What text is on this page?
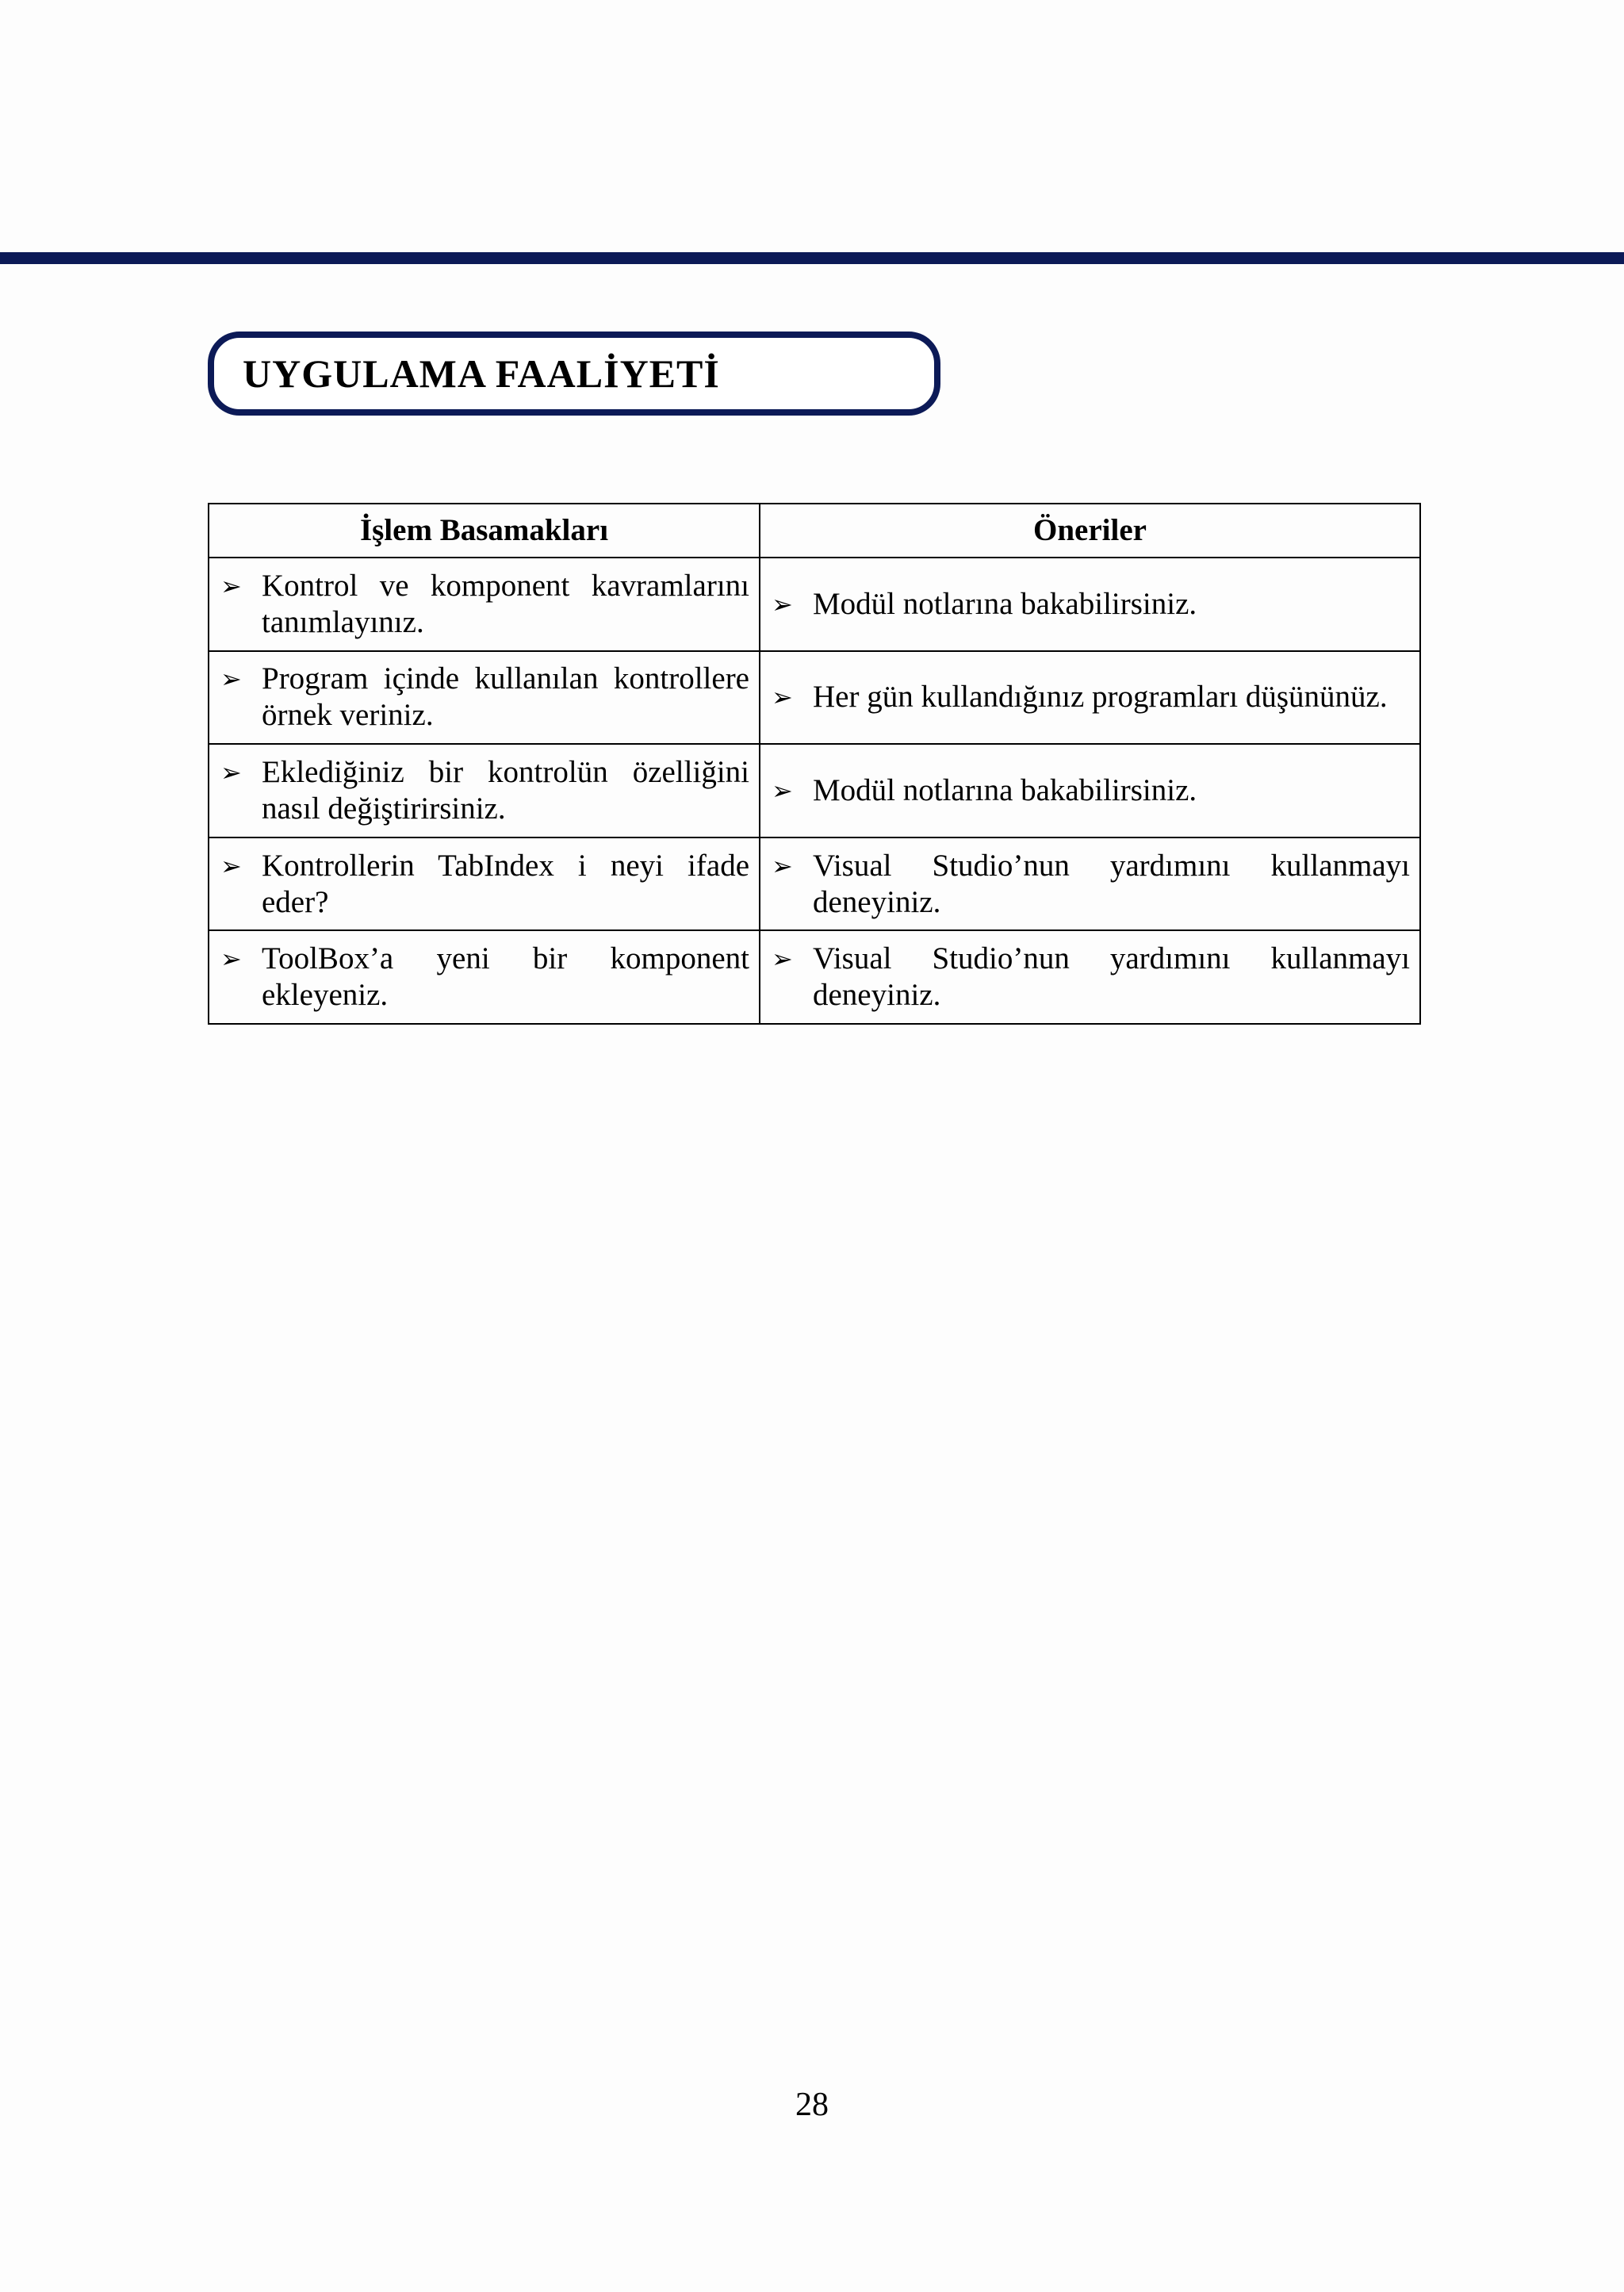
UYGULAMA FAALİYETİ
İşlem Basamakları	Öneriler

➢ Kontrol ve komponent kavramlarını tanımlayınız.	➢ Modül notlarına bakabilirsiniz.

➢ Program içinde kullanılan kontrollere örnek veriniz.	➢ Her gün kullandığınız programları düşününüz.

➢ Eklediğiniz bir kontrolün özelliğini nasıl değiştirirsiniz.	➢ Modül notlarına bakabilirsiniz.

➢ Kontrollerin TabIndex i neyi ifade eder?	➢ Visual Studio’nun yardımını kullanmayı deneyiniz.

➢ ToolBox’a yeni bir komponent ekleyeniz.	➢ Visual Studio’nun yardımını kullanmayı deneyiniz.
28
